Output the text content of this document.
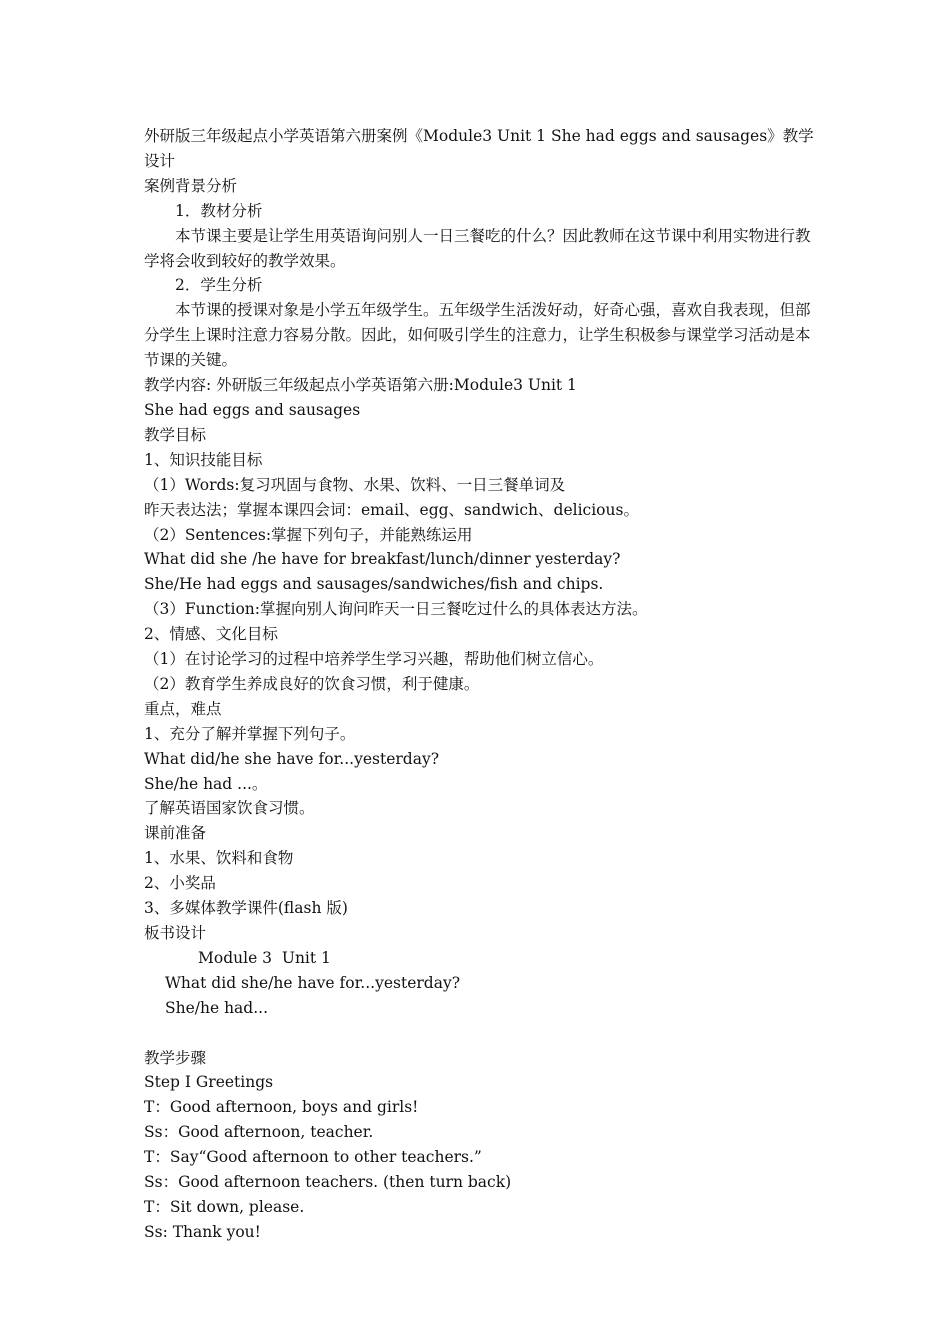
外研版三年级起点小学英语第六册案例《Module3 Unit 1 She had eggs and sausages》教学设计

案例背景分析

1．教材分析

本节课主要是让学生用英语询问别人一日三餐吃的什么？因此教师在这节课中利用实物进行教学将会收到较好的教学效果。

2．学生分析

本节课的授课对象是小学五年级学生。五年级学生活泼好动，好奇心强，喜欢自我表现，但部分学生上课时注意力容易分散。因此，如何吸引学生的注意力，让学生积极参与课堂学习活动是本节课的关键。

教学内容: 外研版三年级起点小学英语第六册:Module3 Unit 1

She had eggs and sausages

教学目标

1、知识技能目标

（1）Words:复习巩固与食物、水果、饮料、一日三餐单词及

昨天表达法；掌握本课四会词：email、egg、sandwich、delicious。

（2）Sentences:掌握下列句子，并能熟练运用

What did she /he have for breakfast/lunch/dinner yesterday?

She/He had eggs and sausages/sandwiches/fish and chips.

（3）Function:掌握向别人询问昨天一日三餐吃过什么的具体表达方法。

2、情感、文化目标

（1）在讨论学习的过程中培养学生学习兴趣，帮助他们树立信心。

（2）教育学生养成良好的饮食习惯，利于健康。

重点，难点

1、充分了解并掌握下列句子。

What did/he she have for...yesterday?

She/he had ...。

了解英语国家饮食习惯。

课前准备

1、水果、饮料和食物

2、小奖品

3、多媒体教学课件(flash 版)

板书设计

Module 3  Unit 1

What did she/he have for...yesterday?

She/he had...

教学步骤

Step Ⅰ Greetings

T：Good afternoon, boys and girls!

Ss：Good afternoon, teacher.

T：Say“Good afternoon to other teachers.”

Ss：Good afternoon teachers. (then turn back)

T：Sit down, please.

Ss: Thank you!
